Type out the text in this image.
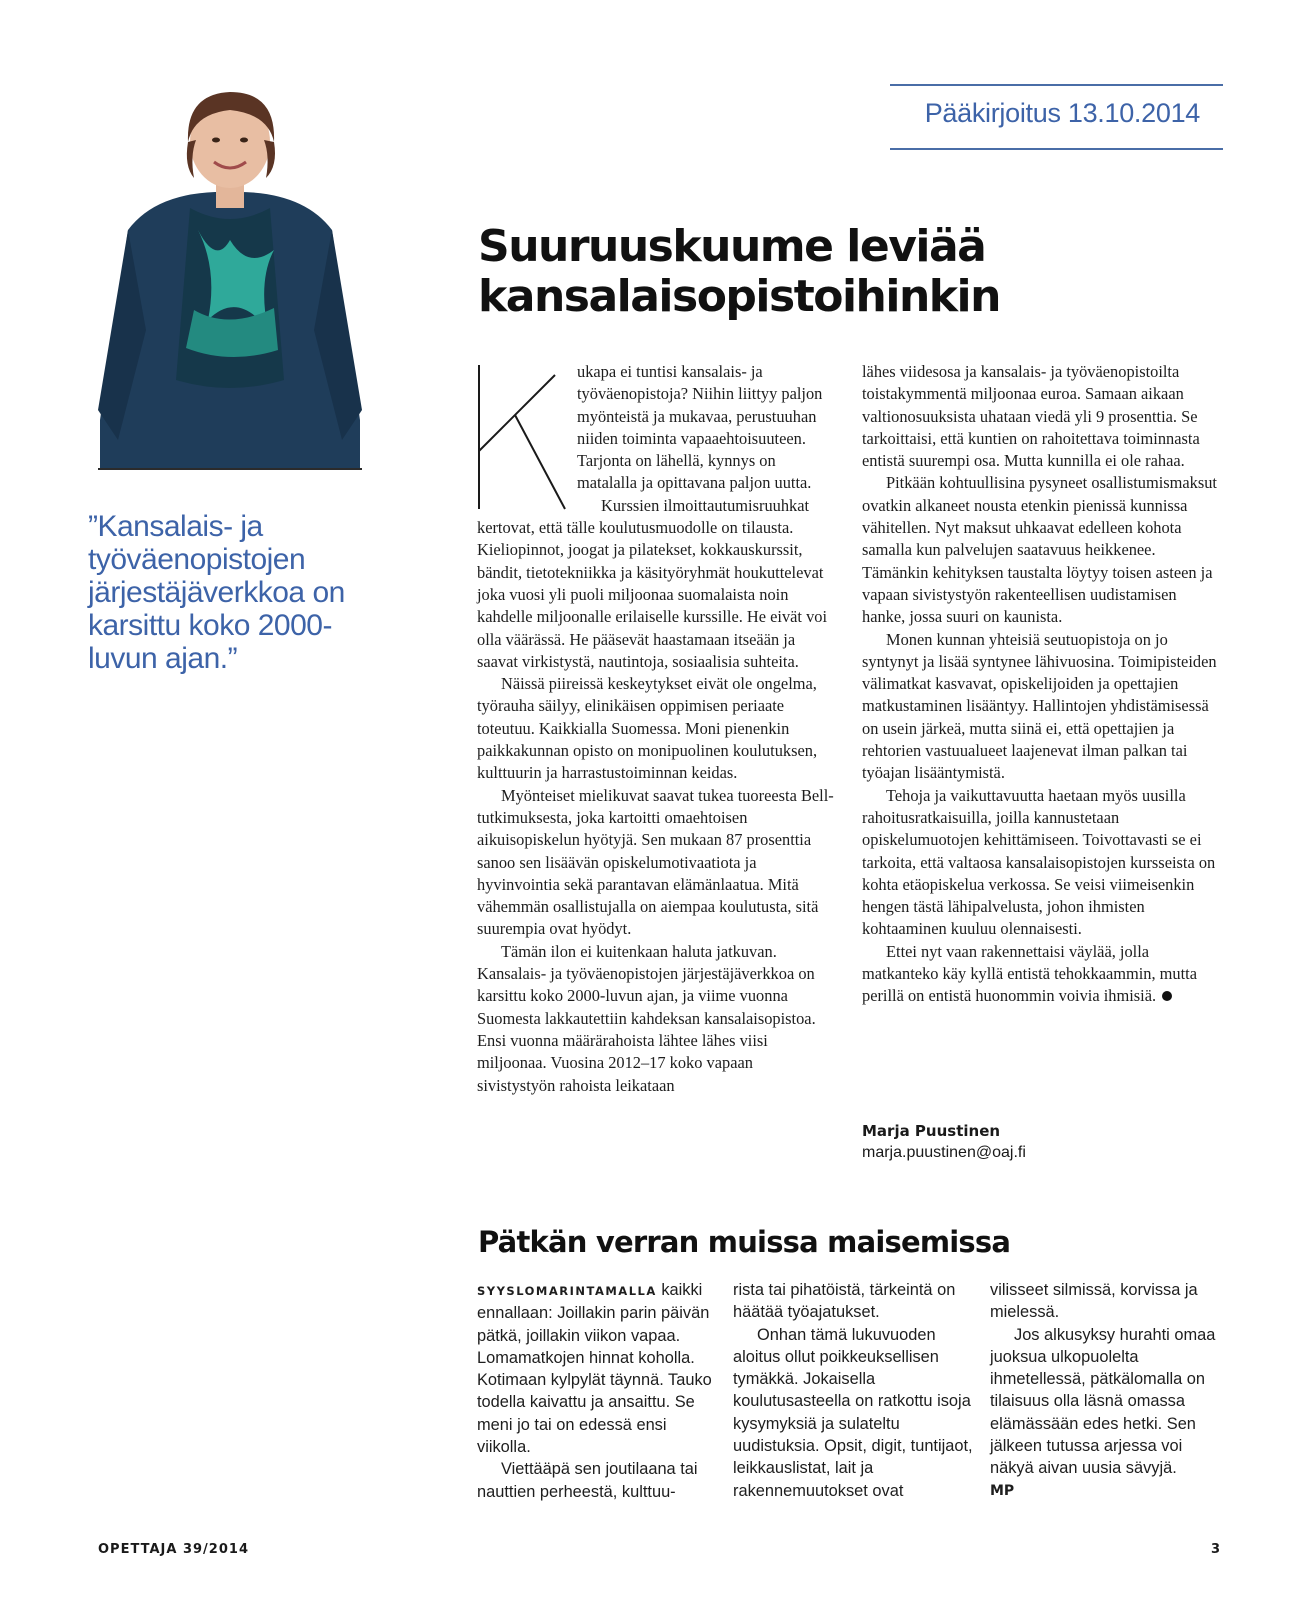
Pääkirjoitus 13.10.2014
”Kansalais- ja työväenopistojen järjestäjäverkkoa on karsittu koko 2000-luvun ajan.”
Suuruuskuume leviää
kansalaisopistoihinkin

ukapa ei tuntisi kansalais- ja työväenopistoja? Niihin liittyy paljon myönteistä ja mukavaa, perustuuhan niiden toiminta vapaaehtoisuuteen. Tarjonta on lähellä, kynnys on matalalla ja opittavana paljon uutta.

Kurssien ilmoittautumisruuhkat kertovat, että tälle koulutusmuodolle on tilausta. Kieliopinnot, joogat ja pilatekset, kokkauskurssit, bändit, tietotekniikka ja käsityöryhmät houkuttelevat joka vuosi yli puoli miljoonaa suomalaista noin kahdelle miljoonalle erilaiselle kurssille. He eivät voi olla väärässä. He pääsevät haastamaan itseään ja saavat virkistystä, nautintoja, sosiaalisia suhteita.

Näissä piireissä keskeytykset eivät ole ongelma, työrauha säilyy, elinikäisen oppimisen periaate toteutuu. Kaikkialla Suomessa. Moni pienenkin paikkakunnan opisto on monipuolinen koulutuksen, kulttuurin ja harrastustoiminnan keidas.

Myönteiset mielikuvat saavat tukea tuoreesta Bell-tutkimuksesta, joka kartoitti omaehtoisen aikuisopiskelun hyötyjä. Sen mukaan 87 prosenttia sanoo sen lisäävän opiskelumotivaatiota ja hyvinvointia sekä parantavan elämänlaatua. Mitä vähemmän osallistujalla on aiempaa koulutusta, sitä suurempia ovat hyödyt.

Tämän ilon ei kuitenkaan haluta jatkuvan. Kansalais- ja työväenopistojen järjestäjäverkkoa on karsittu koko 2000-luvun ajan, ja viime vuonna Suomesta lakkautettiin kahdeksan kansalaisopistoa. Ensi vuonna määrärahoista lähtee lähes viisi miljoonaa. Vuosina 2012–17 koko vapaan sivistystyön rahoista leikataan

lähes viidesosa ja kansalais- ja työväenopistoilta toistakymmentä miljoonaa euroa. Samaan aikaan valtionosuuksista uhataan viedä yli 9 prosenttia. Se tarkoittaisi, että kuntien on rahoitettava toiminnasta entistä suurempi osa. Mutta kunnilla ei ole rahaa.

Pitkään kohtuullisina pysyneet osallistumismaksut ovatkin alkaneet nousta etenkin pienissä kunnissa vähitellen. Nyt maksut uhkaavat edelleen kohota samalla kun palvelujen saatavuus heikkenee. Tämänkin kehityksen taustalta löytyy toisen asteen ja vapaan sivistystyön rakenteellisen uudistamisen hanke, jossa suuri on kaunista.

Monen kunnan yhteisiä seutuopistoja on jo syntynyt ja lisää syntynee lähivuosina. Toimipisteiden välimatkat kasvavat, opiskelijoiden ja opettajien matkustaminen lisääntyy. Hallintojen yhdistämisessä on usein järkeä, mutta siinä ei, että opettajien ja rehtorien vastuualueet laajenevat ilman palkan tai työajan lisääntymistä.

Tehoja ja vaikuttavuutta haetaan myös uusilla rahoitusratkaisuilla, joilla kannustetaan opiskelumuotojen kehittämiseen. Toivottavasti se ei tarkoita, että valtaosa kansalaisopistojen kursseista on kohta etäopiskelua verkossa. Se veisi viimeisenkin hengen tästä lähipalvelusta, johon ihmisten kohtaaminen kuuluu olennaisesti.

Ettei nyt vaan rakennettaisi väylää, jolla matkanteko käy kyllä entistä tehokkaammin, mutta perillä on entistä huonommin voivia ihmisiä.

Marja Puustinen
marja.puustinen@oaj.fi
Pätkän verran muissa maisemissa

SYYSLOMARINTAMALLA kaikki ennallaan: Joillakin parin päivän pätkä, joillakin viikon vapaa. Lomamatkojen hinnat koholla. Kotimaan kylpylät täynnä. Tauko todella kaivattu ja ansaittu. Se meni jo tai on edessä ensi viikolla.

Viettääpä sen joutilaana tai nauttien perheestä, kulttuu-

rista tai pihatöistä, tärkeintä on häätää työajatukset.

Onhan tämä lukuvuoden aloitus ollut poikkeuksellisen tymäkkä. Jokaisella koulutusasteella on ratkottu isoja kysymyksiä ja sulateltu uudistuksia. Opsit, digit, tuntijaot, leikkauslistat, lait ja rakennemuutokset ovat

vilisseet silmissä, korvissa ja mielessä.

Jos alkusyksy hurahti omaa juoksua ulkopuolelta ihmetellessä, pätkälomalla on tilaisuus olla läsnä omassa elämässään edes hetki. Sen jälkeen tutussa arjessa voi näkyä aivan uusia sävyjä.

MP
OPETTAJA 39/2014	3
